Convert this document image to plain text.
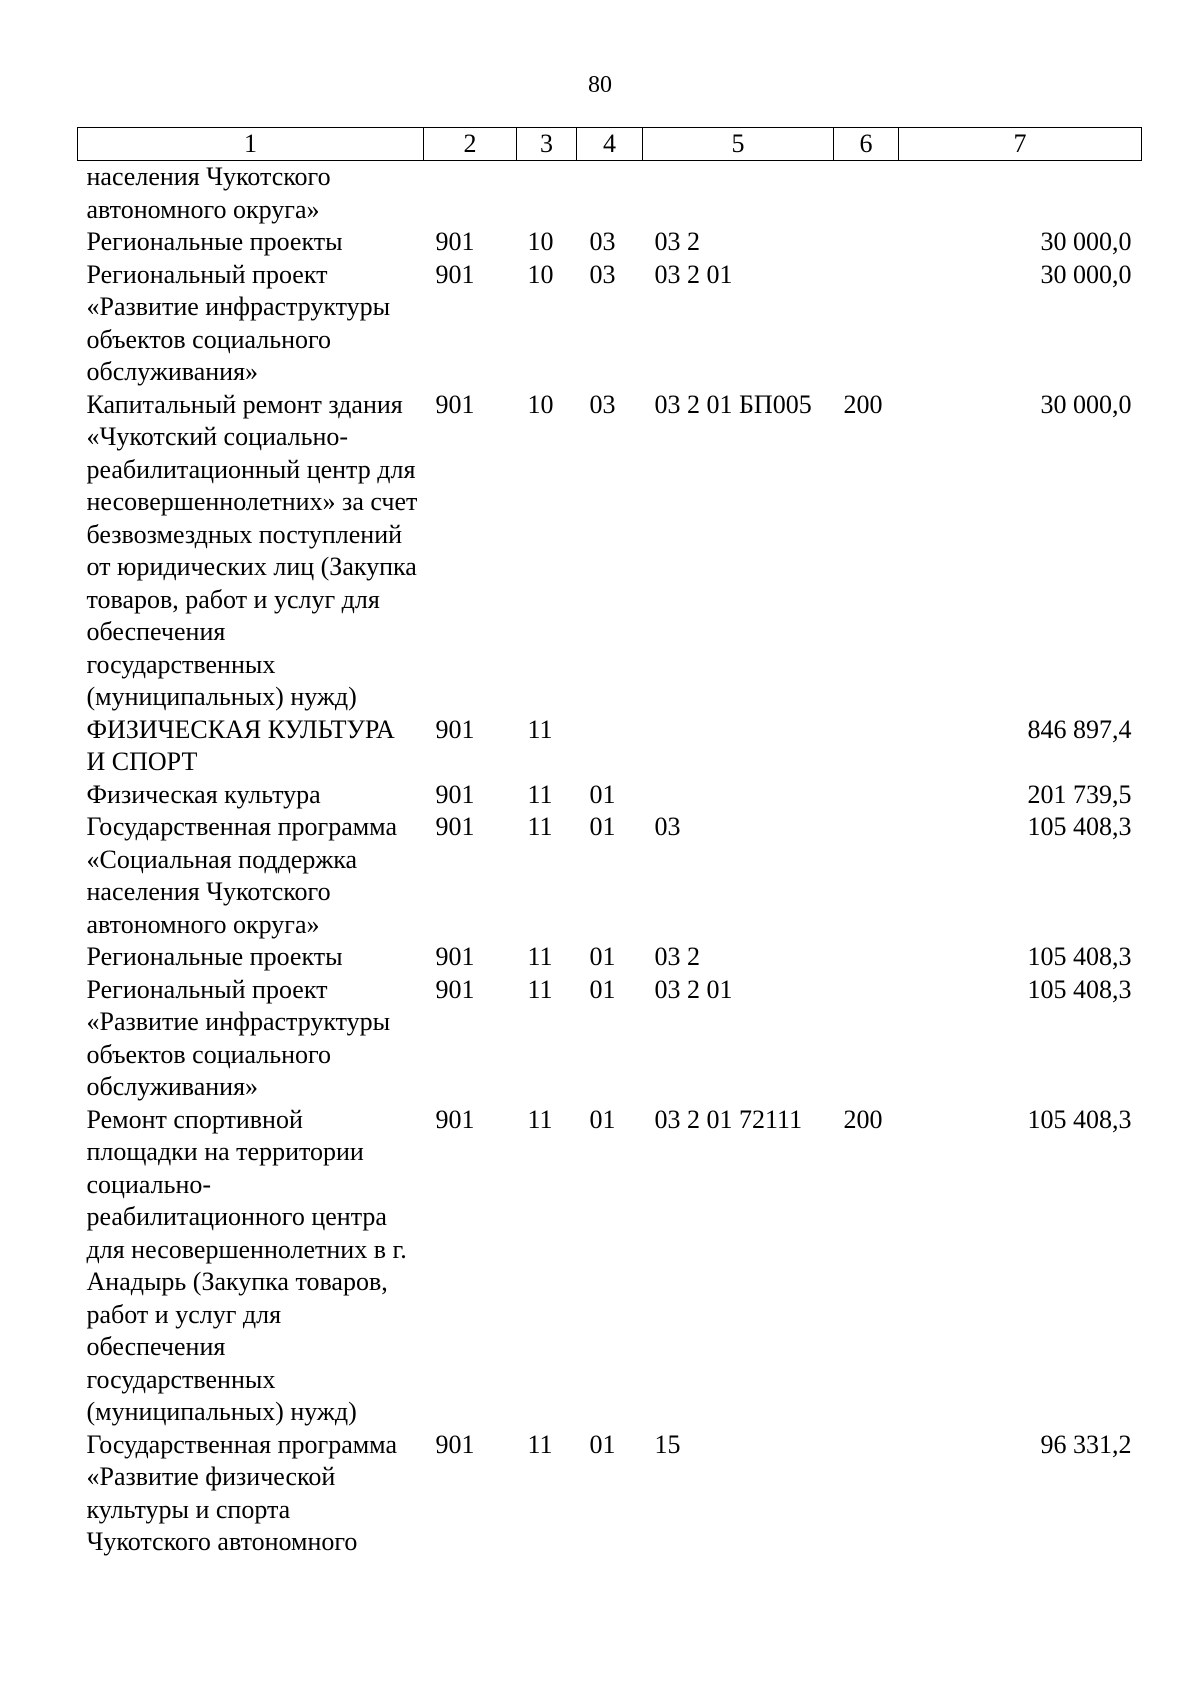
80
1	2	3	4	5	6	7
населения Чукотского автономного округа»						
Региональные проекты	901	10	03	03 2		30 000,0
Региональный проект «Развитие инфраструктуры объектов социального обслуживания»	901	10	03	03 2 01		30 000,0
Капитальный ремонт здания «Чукотский социально-реабилитационный центр для несовершеннолетних» за счет безвозмездных поступлений от юридических лиц (Закупка товаров, работ и услуг для обеспечения государственных (муниципальных) нужд)	901	10	03	03 2 01 БП005	200	30 000,0
ФИЗИЧЕСКАЯ КУЛЬТУРА И СПОРТ	901	11				846 897,4
Физическая культура	901	11	01			201 739,5
Государственная программа «Социальная поддержка населения Чукотского автономного округа»	901	11	01	03		105 408,3
Региональные проекты	901	11	01	03 2		105 408,3
Региональный проект «Развитие инфраструктуры объектов социального обслуживания»	901	11	01	03 2 01		105 408,3
Ремонт спортивной площадки на территории социально-реабилитационного центра для несовершеннолетних в г. Анадырь (Закупка товаров, работ и услуг для обеспечения государственных (муниципальных) нужд)	901	11	01	03 2 01 72111	200	105 408,3
Государственная программа «Развитие физической культуры и спорта Чукотского автономного	901	11	01	15		96 331,2
